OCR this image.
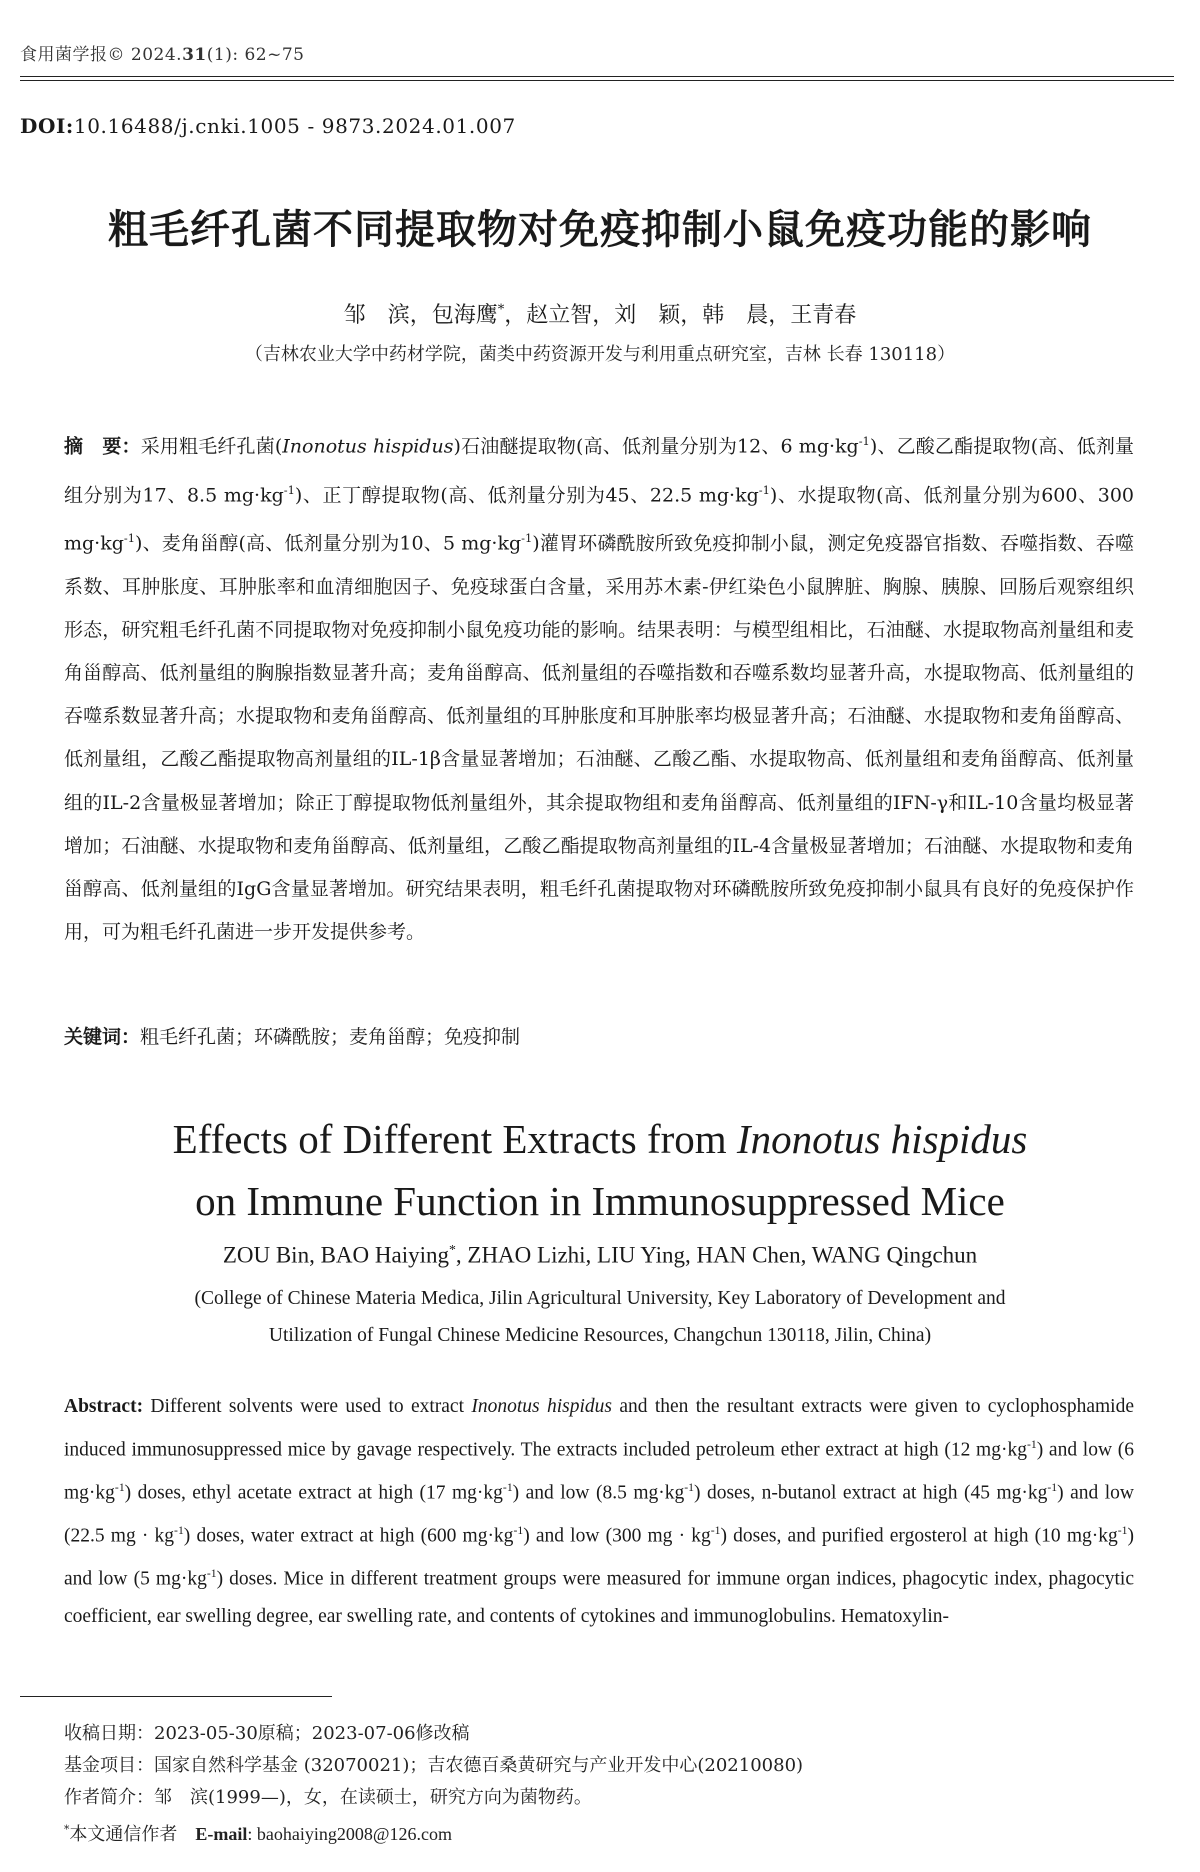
食用菌学报© 2024.31(1): 62~75
DOI:10.16488/j.cnki.1005 - 9873.2024.01.007
粗毛纤孔菌不同提取物对免疫抑制小鼠免疫功能的影响
邹　滨，包海鹰*，赵立智，刘　颖，韩　晨，王青春
（吉林农业大学中药材学院，菌类中药资源开发与利用重点研究室，吉林 长春 130118）
摘　要：采用粗毛纤孔菌(Inonotus hispidus)石油醚提取物(高、低剂量分别为12、6 $mg\cdot kg^{-1}$)、乙酸乙酯提取物(高、低剂量组分别为17、8.5 $mg\cdot kg^{-1}$)、正丁醇提取物(高、低剂量分别为45、22.5 $mg\cdot kg^{-1}$)、水提取物(高、低剂量分别为600、300 $mg\cdot kg^{-1}$)、麦角甾醇(高、低剂量分别为10、5 $mg\cdot kg^{-1}$)灌胃环磷酰胺所致免疫抑制小鼠，测定免疫器官指数、吞噬指数、吞噬系数、耳肿胀度、耳肿胀率和血清细胞因子、免疫球蛋白含量，采用苏木素-伊红染色小鼠脾脏、胸腺、胰腺、回肠后观察组织形态，研究粗毛纤孔菌不同提取物对免疫抑制小鼠免疫功能的影响。结果表明：与模型组相比，石油醚、水提取物高剂量组和麦角甾醇高、低剂量组的胸腺指数显著升高；麦角甾醇高、低剂量组的吞噬指数和吞噬系数均显著升高，水提取物高、低剂量组的吞噬系数显著升高；水提取物和麦角甾醇高、低剂量组的耳肿胀度和耳肿胀率均极显著升高；石油醚、水提取物和麦角甾醇高、低剂量组，乙酸乙酯提取物高剂量组的IL-1β含量显著增加；石油醚、乙酸乙酯、水提取物高、低剂量组和麦角甾醇高、低剂量组的IL-2含量极显著增加；除正丁醇提取物低剂量组外，其余提取物组和麦角甾醇高、低剂量组的IFN-γ和IL-10含量均极显著增加；石油醚、水提取物和麦角甾醇高、低剂量组，乙酸乙酯提取物高剂量组的IL-4含量极显著增加；石油醚、水提取物和麦角甾醇高、低剂量组的IgG含量显著增加。研究结果表明，粗毛纤孔菌提取物对环磷酰胺所致免疫抑制小鼠具有良好的免疫保护作用，可为粗毛纤孔菌进一步开发提供参考。
关键词：粗毛纤孔菌；环磷酰胺；麦角甾醇；免疫抑制
Effects of Different Extracts from Inonotus hispidus
on Immune Function in Immunosuppressed Mice
ZOU Bin, BAO Haiying*, ZHAO Lizhi, LIU Ying, HAN Chen, WANG Qingchun
(College of Chinese Materia Medica, Jilin Agricultural University, Key Laboratory of Development and
Utilization of Fungal Chinese Medicine Resources, Changchun 130118, Jilin, China)
Abstract: Different solvents were used to extract Inonotus hispidus and then the resultant extracts were given to cyclophosphamide induced immunosuppressed mice by gavage respectively. The extracts included petroleum ether extract at high (12 $mg\cdot kg^{-1}$) and low (6 $mg\cdot kg^{-1}$) doses, ethyl acetate extract at high (17 $mg\cdot kg^{-1}$) and low (8.5 $mg\cdot kg^{-1}$) doses, n-butanol extract at high (45 $mg\cdot kg^{-1}$) and low (22.5 mg · $kg^{-1}$) doses, water extract at high (600 $mg\cdot kg^{-1}$) and low (300 mg · $kg^{-1}$) doses, and purified ergosterol at high (10 $mg\cdot kg^{-1}$) and low (5 $mg\cdot kg^{-1}$) doses. Mice in different treatment groups were measured for immune organ indices, phagocytic index, phagocytic coefficient, ear swelling degree, ear swelling rate, and contents of cytokines and immunoglobulins. Hematoxylin-
收稿日期：2023-05-30原稿；2023-07-06修改稿
基金项目：国家自然科学基金 (32070021)；吉农德百桑黄研究与产业开发中心(20210080)
作者简介：邹　滨(1999—)，女，在读硕士，研究方向为菌物药。
*本文通信作者　E-mail: baohaiying2008@126.com
